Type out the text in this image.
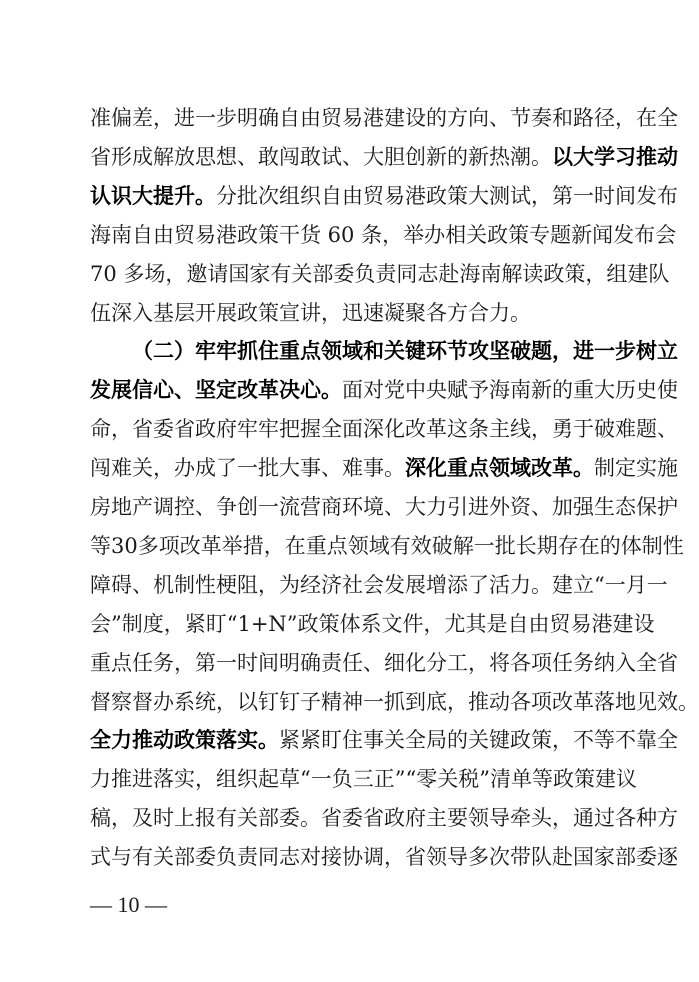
准偏差，进一步明确自由贸易港建设的方向、节奏和路径，在全
省形成解放思想、敢闯敢试、大胆创新的新热潮。以大学习推动
认识大提升。分批次组织自由贸易港政策大测试，第一时间发布
海南自由贸易港政策干货 60 条，举办相关政策专题新闻发布会
70 多场，邀请国家有关部委负责同志赴海南解读政策，组建队
伍深入基层开展政策宣讲，迅速凝聚各方合力。
（二）牢牢抓住重点领域和关键环节攻坚破题，进一步树立
发展信心、坚定改革决心。面对党中央赋予海南新的重大历史使
命，省委省政府牢牢把握全面深化改革这条主线，勇于破难题、
闯难关，办成了一批大事、难事。深化重点领域改革。制定实施
房地产调控、争创一流营商环境、大力引进外资、加强生态保护
等30多项改革举措，在重点领域有效破解一批长期存在的体制性
障碍、机制性梗阻，为经济社会发展增添了活力。建立“一月一
会”制度，紧盯“1+N”政策体系文件，尤其是自由贸易港建设
重点任务，第一时间明确责任、细化分工，将各项任务纳入全省
督察督办系统，以钉钉子精神一抓到底，推动各项改革落地见效。
全力推动政策落实。紧紧盯住事关全局的关键政策，不等不靠全
力推进落实，组织起草“一负三正”“零关税”清单等政策建议
稿，及时上报有关部委。省委省政府主要领导牵头，通过各种方
式与有关部委负责同志对接协调，省领导多次带队赴国家部委逐
— 10 —
